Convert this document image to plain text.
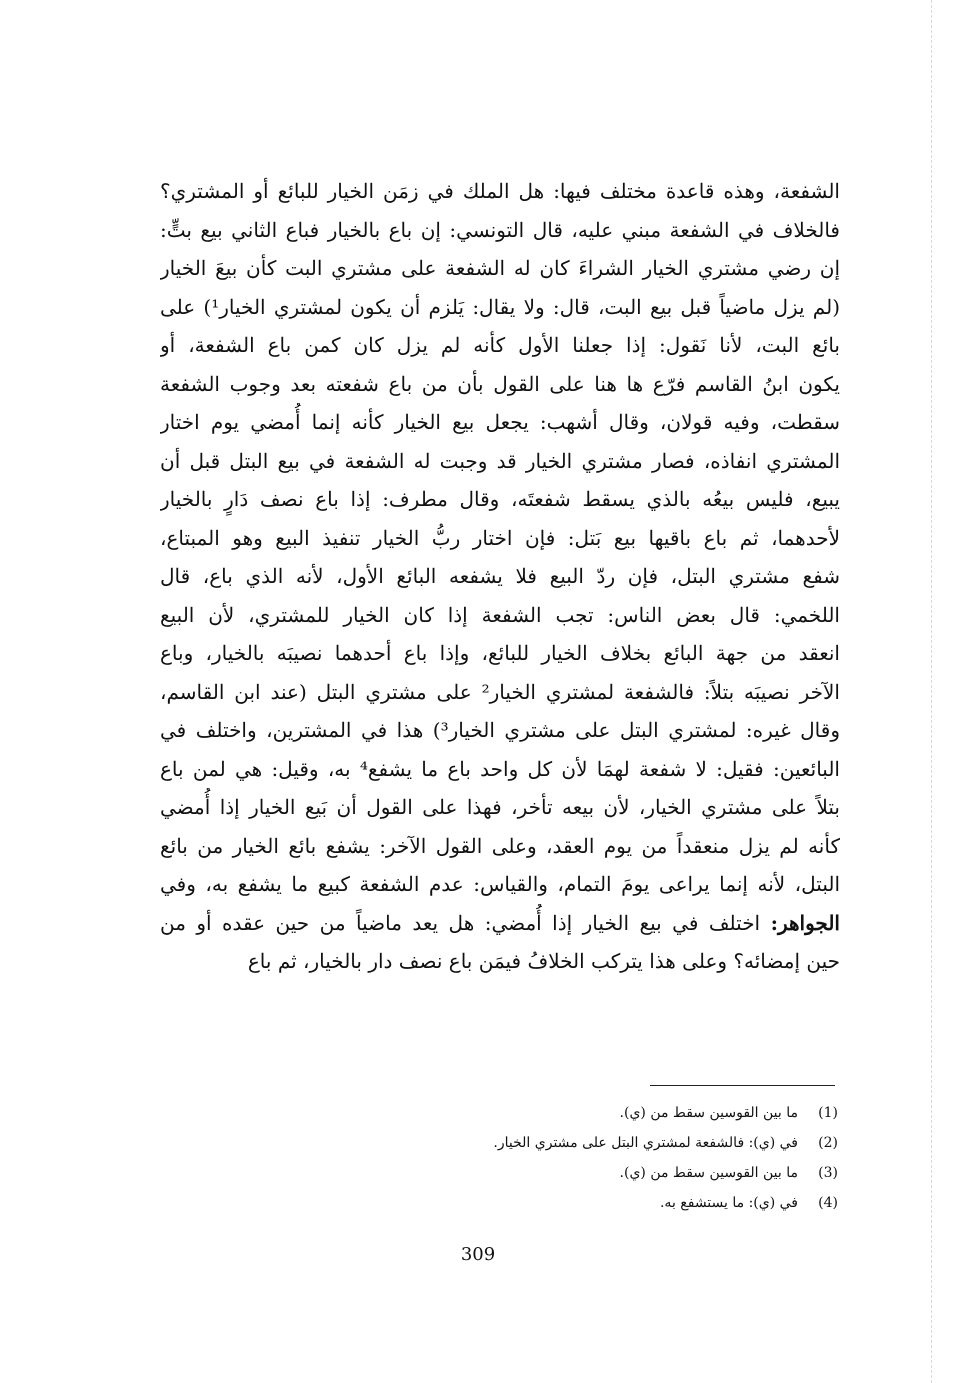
الشفعة، وهذه قاعدة مختلف فيها: هل الملك في زمَن الخيار للبائع أو المشتري؟
فالخلاف في الشفعة مبني عليه، قال التونسي: إن باع بالخيار فباع الثاني بيع بتٍّ:
إن رضي مشتري الخيار الشراءَ كان له الشفعة على مشتري البت كأن بيعَ الخيار
(لم يزل ماضياً قبل بيع البت، قال: ولا يقال: يَلزم أن يكون لمشتري الخيار¹) على
بائع البت، لأنا نَقول: إذا جعلنا الأول كأنه لم يزل كان كمن باع الشفعة، أو
يكون ابنُ القاسم فرّع ها هنا على القول بأن من باع شفعته بعد وجوب الشفعة
سقطت، وفيه قولان، وقال أشهب: يجعل بيع الخيار كأنه إنما أُمضي يوم اختار
المشتري انفاذه، فصار مشتري الخيار قد وجبت له الشفعة في بيع البتل قبل أن
يبيع، فليس بيعُه بالذي يسقط شفعتَه، وقال مطرف: إذا باع نصف دَارٍ بالخيار
لأحدهما، ثم باع باقيها بيع بَتل: فإن اختار ربُّ الخيار تنفيذ البيع وهو المبتاع،
شفع مشتري البتل، فإن ردّ البيع فلا يشفعه البائع الأول، لأنه الذي باع، قال
اللخمي: قال بعض الناس: تجب الشفعة إذا كان الخيار للمشتري، لأن البيع
انعقد من جهة البائع بخلاف الخيار للبائع، وإذا باع أحدهما نصيبَه بالخيار، وباع
الآخر نصيبَه بتلاً: فالشفعة لمشتري الخيار² على مشتري البتل (عند ابن القاسم،
وقال غيره: لمشتري البتل على مشتري الخيار³) هذا في المشترين، واختلف في
البائعين: فقيل: لا شفعة لهمَا لأن كل واحد باع ما يشفع⁴ به، وقيل: هي لمن باع
بتلاً على مشتري الخيار، لأن بيعه تأخر، فهذا على القول أن بَيع الخيار إذا أُمضي
كأنه لم يزل منعقداً من يوم العقد، وعلى القول الآخر: يشفع بائع الخيار من بائع
البتل، لأنه إنما يراعى يومَ التمام، والقياس: عدم الشفعة كبيع ما يشفع به، وفي
الجواهر: اختلف في بيع الخيار إذا أُمضي: هل يعد ماضياً من حين عقده أو من
حين إمضائه؟ وعلى هذا يتركب الخلافُ فيمَن باع نصف دار بالخيار، ثم باع
(1)
ما بين القوسين سقط من (ي).
(2)
في (ي): فالشفعة لمشتري البتل على مشتري الخيار.
(3)
ما بين القوسين سقط من (ي).
(4)
في (ي): ما يستشفع به.
309
